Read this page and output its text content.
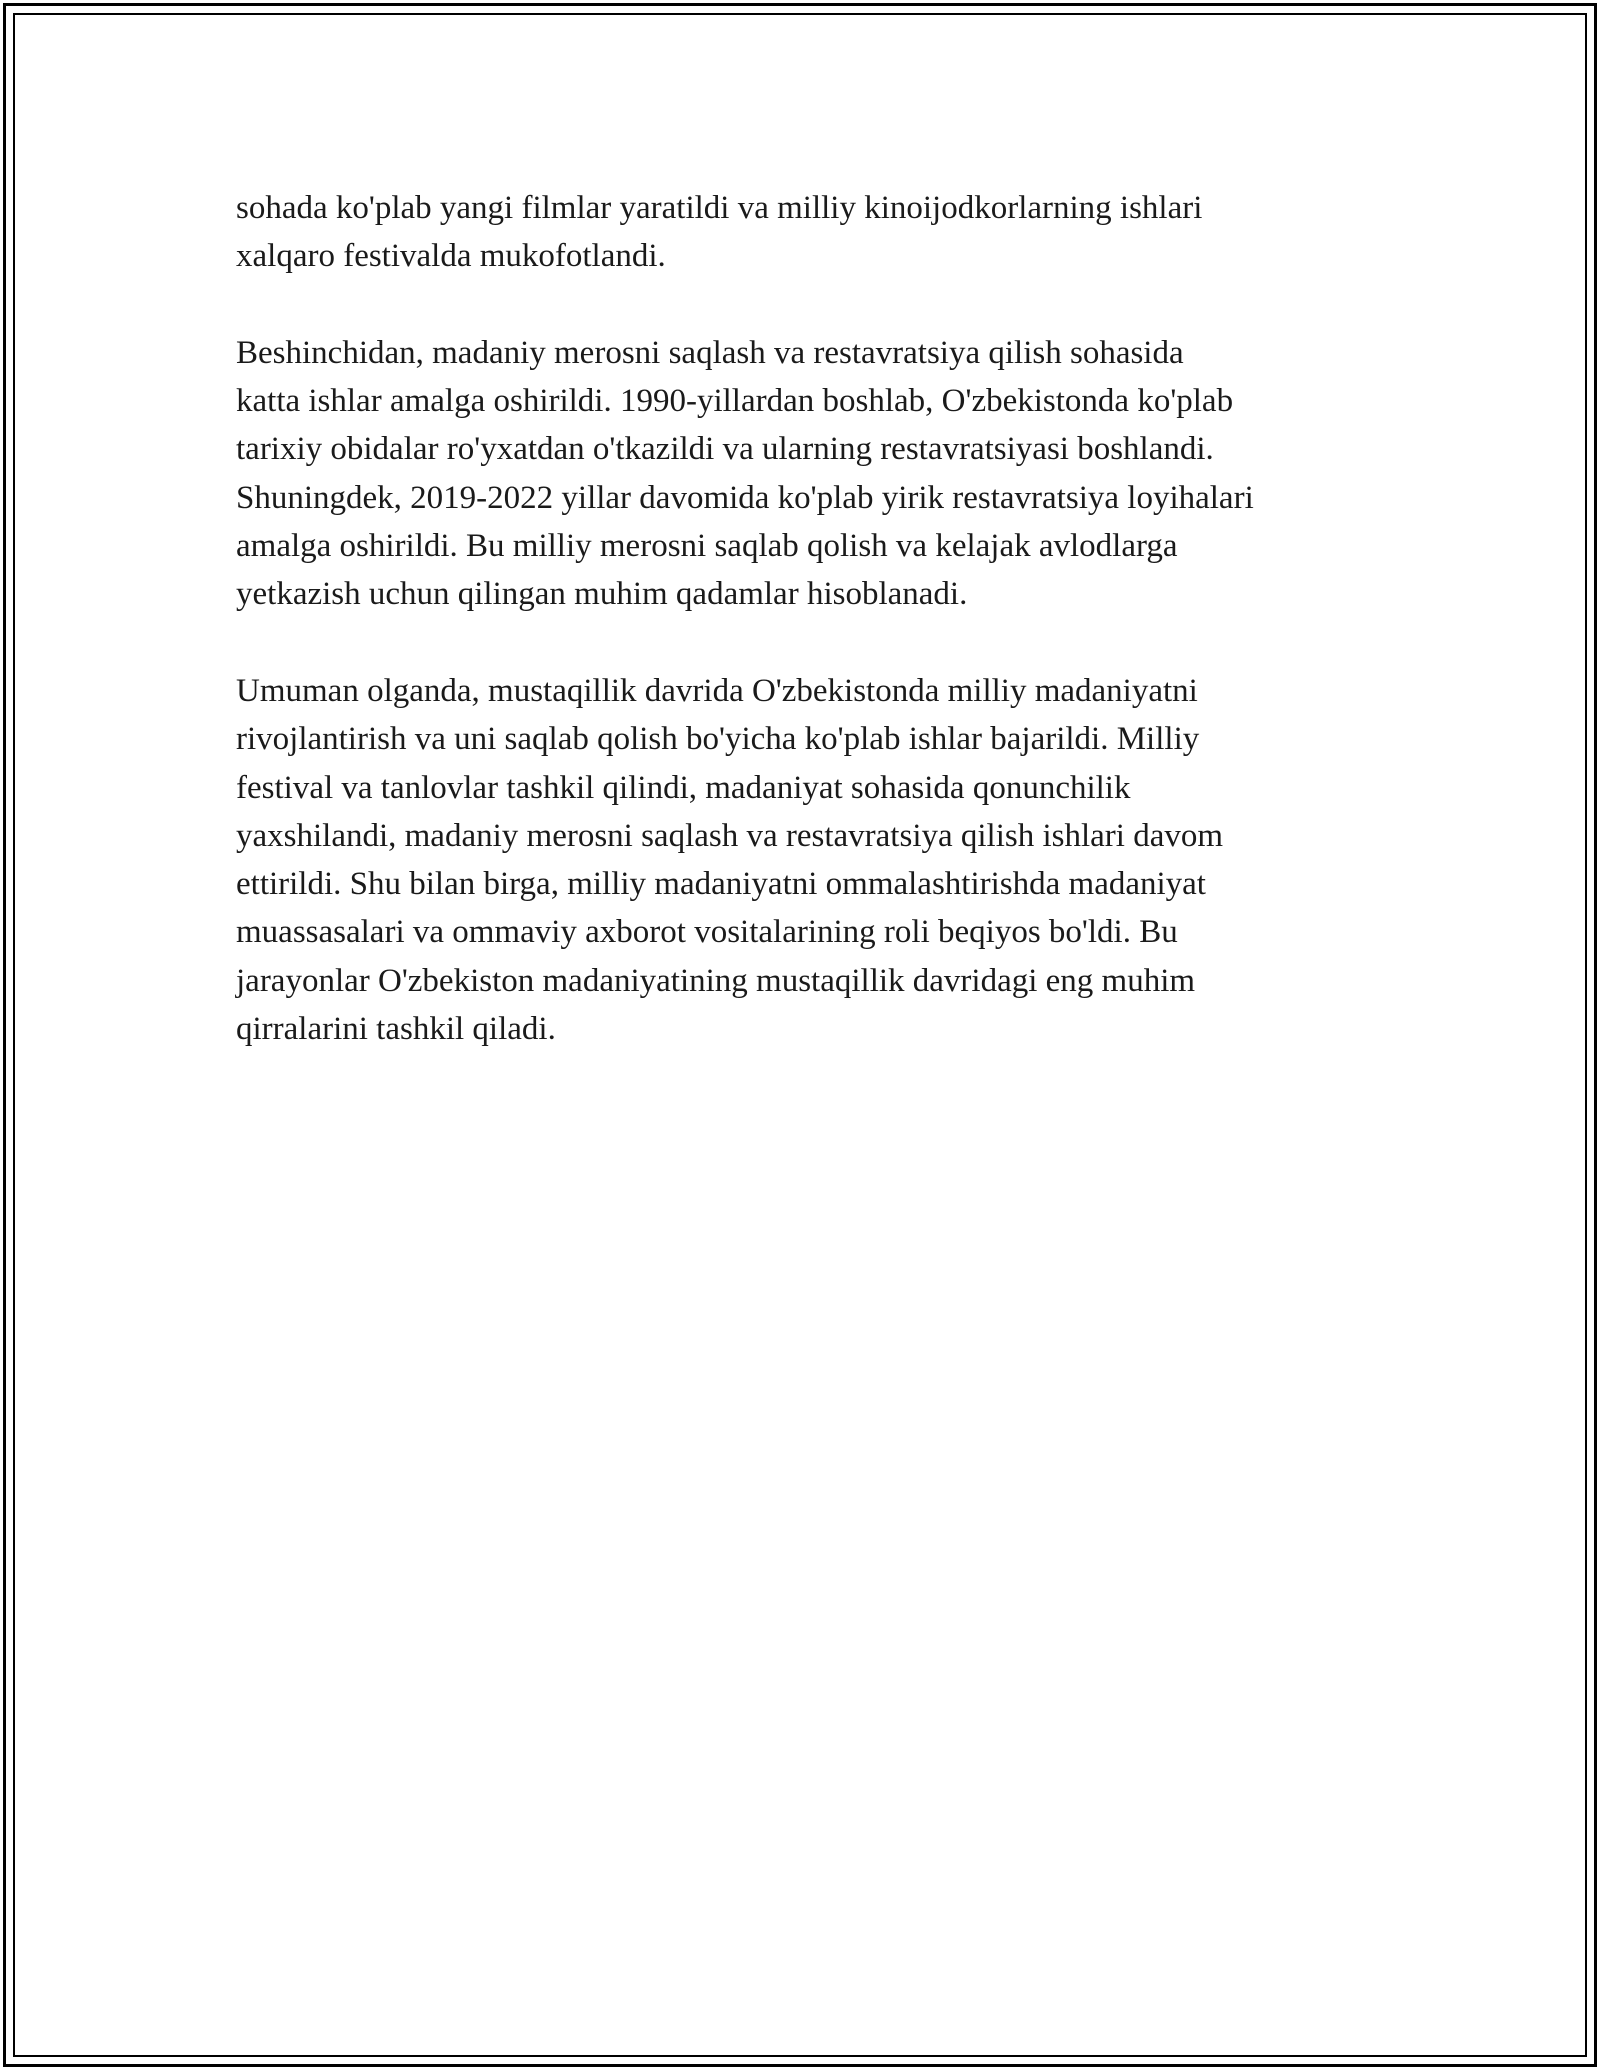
sohada ko'plab yangi filmlar yaratildi va milliy kinoijodkorlarning ishlari
xalqaro festivalda mukofotlandi.
Beshinchidan, madaniy merosni saqlash va restavratsiya qilish sohasida
katta ishlar amalga oshirildi. 1990-yillardan boshlab, O'zbekistonda ko'plab
tarixiy obidalar ro'yxatdan o'tkazildi va ularning restavratsiyasi boshlandi.
Shuningdek, 2019-2022 yillar davomida ko'plab yirik restavratsiya loyihalari
amalga oshirildi. Bu milliy merosni saqlab qolish va kelajak avlodlarga
yetkazish uchun qilingan muhim qadamlar hisoblanadi.
Umuman olganda, mustaqillik davrida O'zbekistonda milliy madaniyatni
rivojlantirish va uni saqlab qolish bo'yicha ko'plab ishlar bajarildi. Milliy
festival va tanlovlar tashkil qilindi, madaniyat sohasida qonunchilik
yaxshilandi, madaniy merosni saqlash va restavratsiya qilish ishlari davom
ettirildi. Shu bilan birga, milliy madaniyatni ommalashtirishda madaniyat
muassasalari va ommaviy axborot vositalarining roli beqiyos bo'ldi. Bu
jarayonlar O'zbekiston madaniyatining mustaqillik davridagi eng muhim
qirralarini tashkil qiladi.
